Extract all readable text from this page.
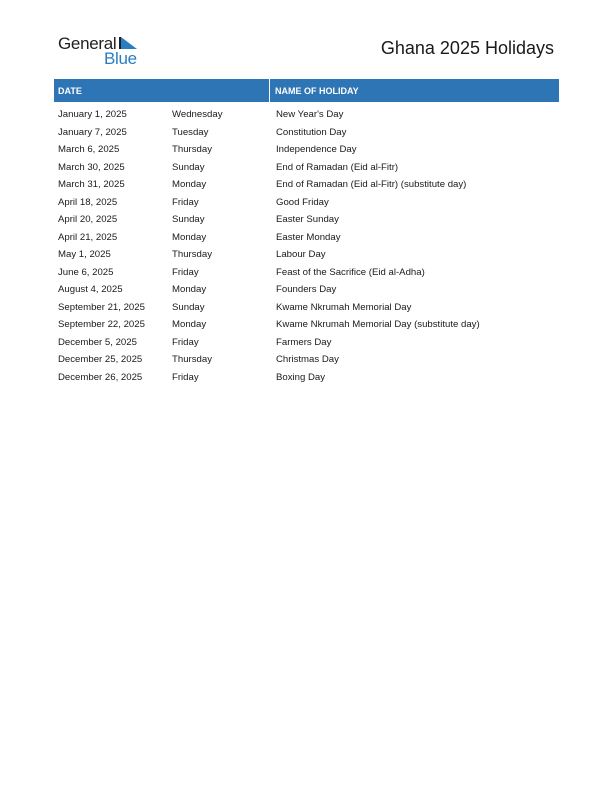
General
Blue
Ghana 2025 Holidays
DATE	NAME OF HOLIDAY
January 1, 2025	Wednesday	New Year's Day
January 7, 2025	Tuesday	Constitution Day
March 6, 2025	Thursday	Independence Day
March 30, 2025	Sunday	End of Ramadan (Eid al-Fitr)
March 31, 2025	Monday	End of Ramadan (Eid al-Fitr) (substitute day)
April 18, 2025	Friday	Good Friday
April 20, 2025	Sunday	Easter Sunday
April 21, 2025	Monday	Easter Monday
May 1, 2025	Thursday	Labour Day
June 6, 2025	Friday	Feast of the Sacrifice (Eid al-Adha)
August 4, 2025	Monday	Founders Day
September 21, 2025	Sunday	Kwame Nkrumah Memorial Day
September 22, 2025	Monday	Kwame Nkrumah Memorial Day (substitute day)
December 5, 2025	Friday	Farmers Day
December 25, 2025	Thursday	Christmas Day
December 26, 2025	Friday	Boxing Day
